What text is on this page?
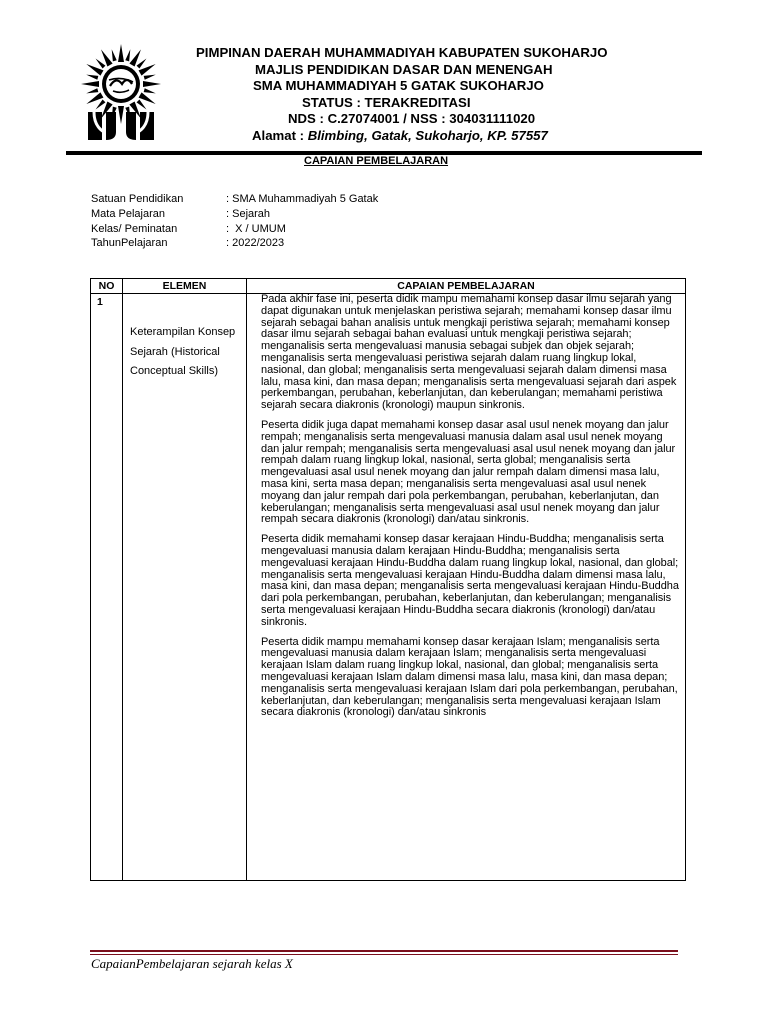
PIMPINAN DAERAH MUHAMMADIYAH KABUPATEN SUKOHARJO
MAJLIS PENDIDIKAN DASAR DAN MENENGAH
SMA MUHAMMADIYAH 5 GATAK SUKOHARJO
STATUS : TERAKREDITASI
NDS : C.27074001 / NSS : 304031111020
Alamat : Blimbing, Gatak, Sukoharjo, KP. 57557
CAPAIAN PEMBELAJARAN
Satuan Pendidikan	: SMA Muhammadiyah 5 Gatak
Mata Pelajaran	: Sejarah
Kelas/ Peminatan	:  X / UMUM
TahunPelajaran	: 2022/2023
NO	ELEMEN	CAPAIAN PEMBELAJARAN
1	Keterampilan Konsep Sejarah (Historical Conceptual Skills)	Pada akhir fase ini, peserta didik mampu memahami konsep dasar ilmu sejarah yang dapat digunakan untuk menjelaskan peristiwa sejarah; memahami konsep dasar ilmu sejarah sebagai bahan analisis untuk mengkaji peristiwa sejarah; memahami konsep dasar ilmu sejarah sebagai bahan evaluasi untuk mengkaji peristiwa sejarah; menganalisis serta mengevaluasi manusia sebagai subjek dan objek sejarah; menganalisis serta mengevaluasi peristiwa sejarah dalam ruang lingkup lokal, nasional, dan global; menganalisis serta mengevaluasi sejarah dalam dimensi masa lalu, masa kini, dan masa depan; menganalisis serta mengevaluasi sejarah dari aspek perkembangan, perubahan, keberlanjutan, dan keberulangan; memahami peristiwa sejarah secara diakronis (kronologi) maupun sinkronis.

Peserta didik juga dapat memahami konsep dasar asal usul nenek moyang dan jalur rempah; menganalisis serta mengevaluasi manusia dalam asal usul nenek moyang dan jalur rempah; menganalisis serta mengevaluasi asal usul nenek moyang dan jalur rempah dalam ruang lingkup lokal, nasional, serta global; menganalisis serta mengevaluasi asal usul nenek moyang dan jalur rempah dalam dimensi masa lalu, masa kini, serta masa depan; menganalisis serta mengevaluasi asal usul nenek moyang dan jalur rempah dari pola perkembangan, perubahan, keberlanjutan, dan keberulangan; menganalisis serta mengevaluasi asal usul nenek moyang dan jalur rempah secara diakronis (kronologi) dan/atau sinkronis.

Peserta didik memahami konsep dasar kerajaan Hindu-Buddha; menganalisis serta mengevaluasi manusia dalam kerajaan Hindu-Buddha; menganalisis serta mengevaluasi kerajaan Hindu-Buddha dalam ruang lingkup lokal, nasional, dan global; menganalisis serta mengevaluasi kerajaan Hindu-Buddha dalam dimensi masa lalu, masa kini, dan masa depan; menganalisis serta mengevaluasi kerajaan Hindu-Buddha dari pola perkembangan, perubahan, keberlanjutan, dan keberulangan; menganalisis serta mengevaluasi kerajaan Hindu-Buddha secara diakronis (kronologi) dan/atau sinkronis.

Peserta didik mampu memahami konsep dasar kerajaan Islam; menganalisis serta mengevaluasi manusia dalam kerajaan Islam; menganalisis serta mengevaluasi kerajaan Islam dalam ruang lingkup lokal, nasional, dan global; menganalisis serta mengevaluasi kerajaan Islam dalam dimensi masa lalu, masa kini, dan masa depan; menganalisis serta mengevaluasi kerajaan Islam dari pola perkembangan, perubahan, keberlanjutan, dan keberulangan; menganalisis serta mengevaluasi kerajaan Islam secara diakronis (kronologi) dan/atau sinkronis

CapaianPembelajaran sejarah kelas X
